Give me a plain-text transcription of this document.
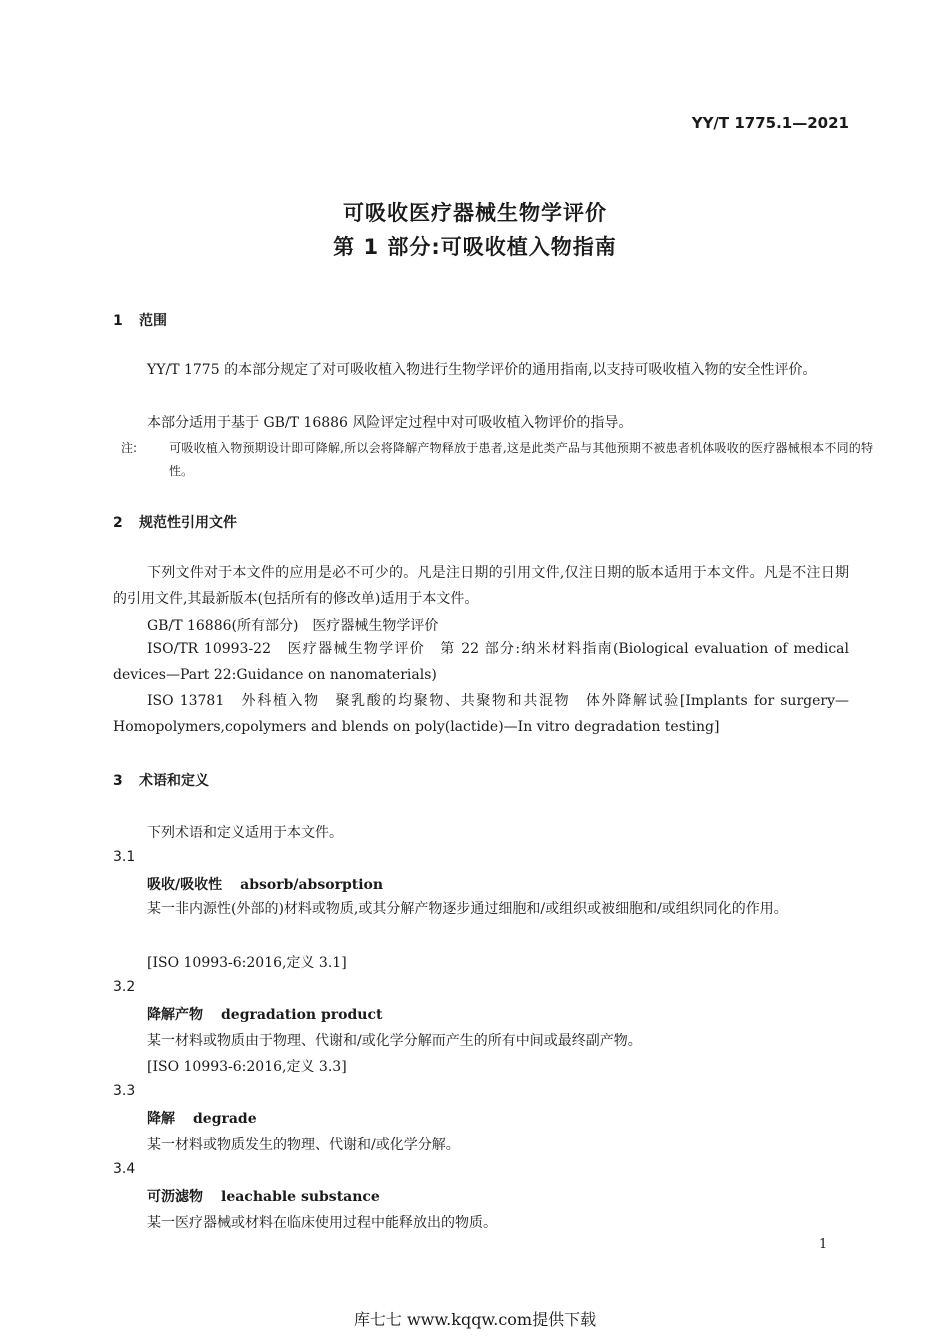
YY/T 1775.1—2021
可吸收医疗器械生物学评价
第 1 部分:可吸收植入物指南
1 范围
YY/T 1775 的本部分规定了对可吸收植入物进行生物学评价的通用指南,以支持可吸收植入物的安全性评价。
本部分适用于基于 GB/T 16886 风险评定过程中对可吸收植入物评价的指导。
注:	可吸收植入物预期设计即可降解,所以会将降解产物释放于患者,这是此类产品与其他预期不被患者机体吸收的医疗器械根本不同的特性。
2 规范性引用文件
下列文件对于本文件的应用是必不可少的。凡是注日期的引用文件,仅注日期的版本适用于本文件。凡是不注日期的引用文件,其最新版本(包括所有的修改单)适用于本文件。
GB/T 16886(所有部分)　医疗器械生物学评价
ISO/TR 10993-22　医疗器械生物学评价　第 22 部分:纳米材料指南(Biological evaluation of medical devices—Part 22:Guidance on nanomaterials)
ISO 13781　外科植入物　聚乳酸的均聚物、共聚物和共混物　体外降解试验[Implants for surgery—Homopolymers,copolymers and blends on poly(lactide)—In vitro degradation testing]
3 术语和定义
下列术语和定义适用于本文件。
3.1
吸收/吸收性 absorb/absorption
某一非内源性(外部的)材料或物质,或其分解产物逐步通过细胞和/或组织或被细胞和/或组织同化的作用。
[ISO 10993-6:2016,定义 3.1]
3.2
降解产物 degradation product
某一材料或物质由于物理、代谢和/或化学分解而产生的所有中间或最终副产物。
[ISO 10993-6:2016,定义 3.3]
3.3
降解 degrade
某一材料或物质发生的物理、代谢和/或化学分解。
3.4
可沥滤物 leachable substance
某一医疗器械或材料在临床使用过程中能释放出的物质。
1
库七七 www.kqqw.com提供下载
